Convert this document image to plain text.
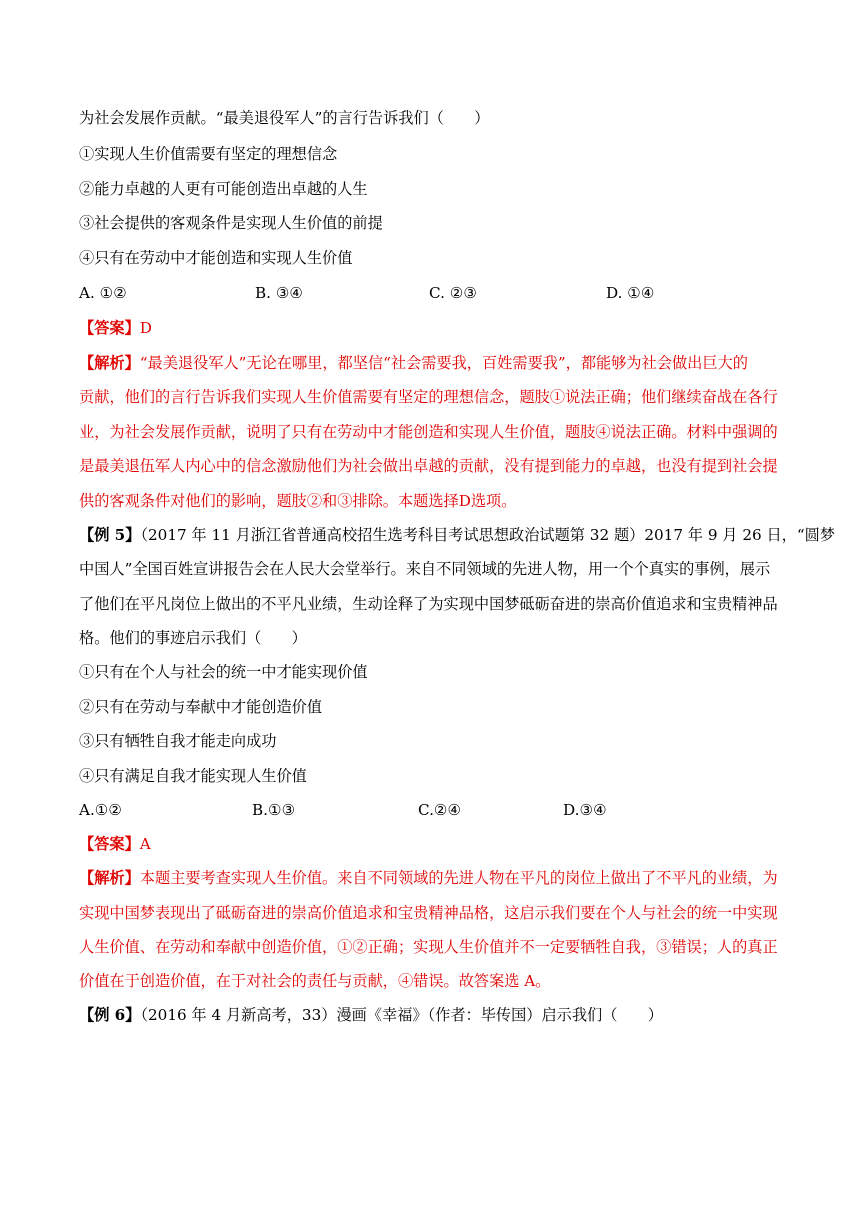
为社会发展作贡献。“最美退役军人”的言行告诉我们（　　）
①实现人生价值需要有坚定的理想信念
②能力卓越的人更有可能创造出卓越的人生
③社会提供的客观条件是实现人生价值的前提
④只有在劳动中才能创造和实现人生价值
A. ①②	B. ③④	C. ②③	D. ①④
【答案】D
【解析】“最美退役军人”无论在哪里，都坚信“社会需要我，百姓需要我”，都能够为社会做出巨大的
贡献，他们的言行告诉我们实现人生价值需要有坚定的理想信念，题肢①说法正确；他们继续奋战在各行
业，为社会发展作贡献，说明了只有在劳动中才能创造和实现人生价值，题肢④说法正确。材料中强调的
是最美退伍军人内心中的信念激励他们为社会做出卓越的贡献，没有提到能力的卓越，也没有提到社会提
供的客观条件对他们的影响，题肢②和③排除。本题选择D选项。
【例 5】（2017 年 11 月浙江省普通高校招生选考科目考试思想政治试题第 32 题）2017 年 9 月 26 日，“圆梦
中国人”全国百姓宣讲报告会在人民大会堂举行。来自不同领域的先进人物，用一个个真实的事例，展示
了他们在平凡岗位上做出的不平凡业绩，生动诠释了为实现中国梦砥砺奋进的崇高价值追求和宝贵精神品
格。他们的事迹启示我们（　　）
①只有在个人与社会的统一中才能实现价值
②只有在劳动与奉献中才能创造价值
③只有牺牲自我才能走向成功
④只有满足自我才能实现人生价值
A.①②	B.①③	C.②④	D.③④
【答案】A
【解析】本题主要考查实现人生价值。来自不同领域的先进人物在平凡的岗位上做出了不平凡的业绩，为
实现中国梦表现出了砥砺奋进的崇高价值追求和宝贵精神品格，这启示我们要在个人与社会的统一中实现
人生价值、在劳动和奉献中创造价值，①②正确；实现人生价值并不一定要牺牲自我，③错误；人的真正
价值在于创造价值，在于对社会的责任与贡献，④错误。故答案选 A。
【例 6】（2016 年 4 月新高考，33）漫画《幸福》（作者：毕传国）启示我们（　　）
